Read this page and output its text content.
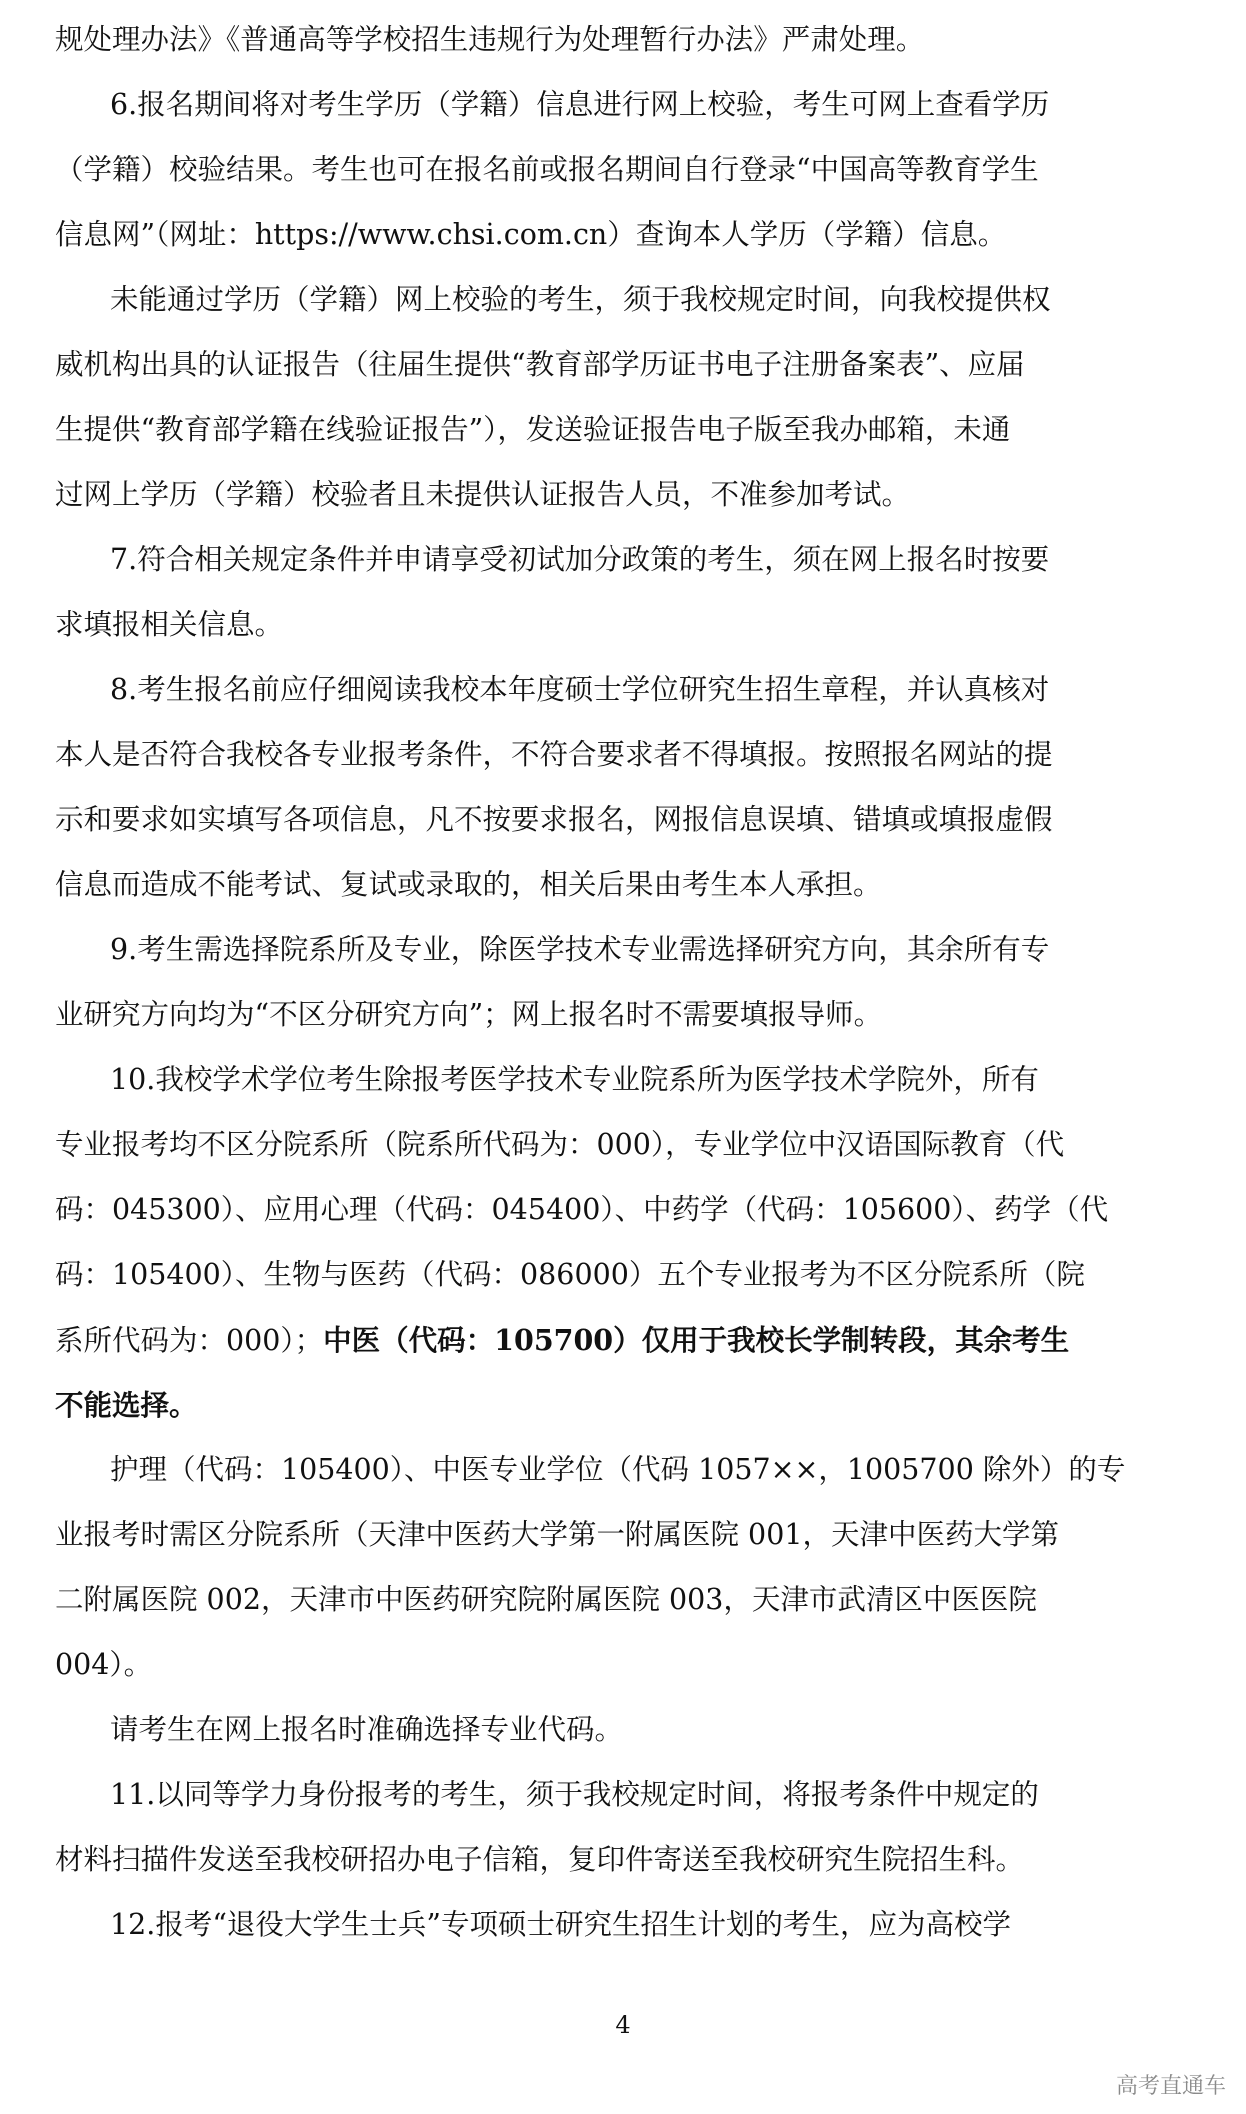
规处理办法》《普通高等学校招生违规行为处理暂行办法》严肃处理。
6.报名期间将对考生学历（学籍）信息进行网上校验，考生可网上查看学历
（学籍）校验结果。考生也可在报名前或报名期间自行登录“中国高等教育学生
信息网”（网址：https://www.chsi.com.cn）查询本人学历（学籍）信息。
未能通过学历（学籍）网上校验的考生，须于我校规定时间，向我校提供权
威机构出具的认证报告（往届生提供“教育部学历证书电子注册备案表”、应届
生提供“教育部学籍在线验证报告”），发送验证报告电子版至我办邮箱，未通
过网上学历（学籍）校验者且未提供认证报告人员，不准参加考试。
7.符合相关规定条件并申请享受初试加分政策的考生，须在网上报名时按要
求填报相关信息。
8.考生报名前应仔细阅读我校本年度硕士学位研究生招生章程，并认真核对
本人是否符合我校各专业报考条件，不符合要求者不得填报。按照报名网站的提
示和要求如实填写各项信息，凡不按要求报名，网报信息误填、错填或填报虚假
信息而造成不能考试、复试或录取的，相关后果由考生本人承担。
9.考生需选择院系所及专业，除医学技术专业需选择研究方向，其余所有专
业研究方向均为“不区分研究方向”；网上报名时不需要填报导师。
10.我校学术学位考生除报考医学技术专业院系所为医学技术学院外，所有
专业报考均不区分院系所（院系所代码为：000），专业学位中汉语国际教育（代
码：045300）、应用心理（代码：045400）、中药学（代码：105600）、药学（代
码：105400）、生物与医药（代码：086000）五个专业报考为不区分院系所（院
系所代码为：000）；中医（代码：105700）仅用于我校长学制转段，其余考生
不能选择。
护理（代码：105400）、中医专业学位（代码 1057××，1005700 除外）的专
业报考时需区分院系所（天津中医药大学第一附属医院 001，天津中医药大学第
二附属医院 002，天津市中医药研究院附属医院 003，天津市武清区中医医院
004）。
请考生在网上报名时准确选择专业代码。
11.以同等学力身份报考的考生，须于我校规定时间，将报考条件中规定的
材料扫描件发送至我校研招办电子信箱，复印件寄送至我校研究生院招生科。
12.报考“退役大学生士兵”专项硕士研究生招生计划的考生，应为高校学
4
高考直通车
